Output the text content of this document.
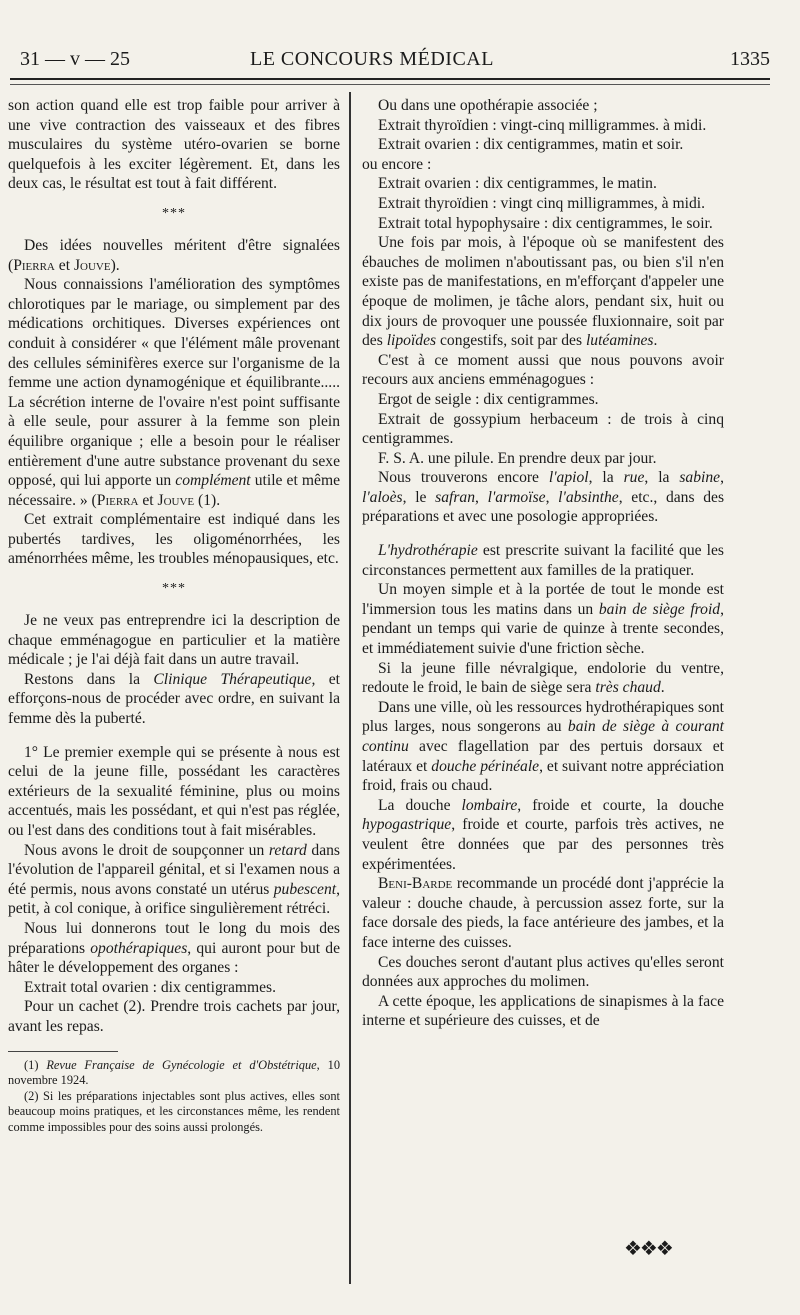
31 — v — 25	LE CONCOURS MÉDICAL	1335

son action quand elle est trop faible pour arriver à une vive contraction des vaisseaux et des fibres musculaires du système utéro-ovarien se borne quelquefois à les exciter légèrement. Et, dans les deux cas, le résultat est tout à fait différent.

***

Des idées nouvelles méritent d'être signalées (Pierra et Jouve).

Nous connaissions l'amélioration des symptômes chlorotiques par le mariage, ou simplement par des médications orchitiques. Diverses expériences ont conduit à considérer « que l'élément mâle provenant des cellules séminifères exerce sur l'organisme de la femme une action dynamogénique et équilibrante..... La sécrétion interne de l'ovaire n'est point suffisante à elle seule, pour assurer à la femme son plein équilibre organique ; elle a besoin pour le réaliser entièrement d'une autre substance provenant du sexe opposé, qui lui apporte un complément utile et même nécessaire. » (Pierra et Jouve (1).

Cet extrait complémentaire est indiqué dans les pubertés tardives, les oligoménorrhées, les aménorrhées même, les troubles ménopausiques, etc.

***

Je ne veux pas entreprendre ici la description de chaque emménagogue en particulier et la matière médicale ; je l'ai déjà fait dans un autre travail.

Restons dans la Clinique Thérapeutique, et efforçons-nous de procéder avec ordre, en suivant la femme dès la puberté.

1° Le premier exemple qui se présente à nous est celui de la jeune fille, possédant les caractères extérieurs de la sexualité féminine, plus ou moins accentués, mais les possédant, et qui n'est pas réglée, ou l'est dans des conditions tout à fait misérables.

Nous avons le droit de soupçonner un retard dans l'évolution de l'appareil génital, et si l'examen nous a été permis, nous avons constaté un utérus pubescent, petit, à col conique, à orifice singulièrement rétréci.

Nous lui donnerons tout le long du mois des préparations opothérapiques, qui auront pour but de hâter le développement des organes :

Extrait total ovarien : dix centigrammes.

Pour un cachet (2). Prendre trois cachets par jour, avant les repas.

(1) Revue Française de Gynécologie et d'Obstétrique, 10 novembre 1924.

(2) Si les préparations injectables sont plus actives, elles sont beaucoup moins pratiques, et les circonstances même, les rendent comme impossibles pour des soins aussi prolongés.

Ou dans une opothérapie associée ;

Extrait thyroïdien : vingt-cinq milligrammes. à midi.

Extrait ovarien : dix centigrammes, matin et soir.

ou encore :

Extrait ovarien : dix centigrammes, le matin.

Extrait thyroïdien : vingt cinq milligrammes, à midi.

Extrait total hypophysaire : dix centigrammes, le soir.

Une fois par mois, à l'époque où se manifestent des ébauches de molimen n'aboutissant pas, ou bien s'il n'en existe pas de manifestations, en m'efforçant d'appeler une époque de molimen, je tâche alors, pendant six, huit ou dix jours de provoquer une poussée fluxionnaire, soit par des lipoïdes congestifs, soit par des lutéamines.

C'est à ce moment aussi que nous pouvons avoir recours aux anciens emménagogues :

Ergot de seigle : dix centigrammes.

Extrait de gossypium herbaceum : de trois à cinq centigrammes.

F. S. A. une pilule. En prendre deux par jour.

Nous trouverons encore l'apiol, la rue, la sabine, l'aloès, le safran, l'armoïse, l'absinthe, etc., dans des préparations et avec une posologie appropriées.

L'hydrothérapie est prescrite suivant la facilité que les circonstances permettent aux familles de la pratiquer.

Un moyen simple et à la portée de tout le monde est l'immersion tous les matins dans un bain de siège froid, pendant un temps qui varie de quinze à trente secondes, et immédiatement suivie d'une friction sèche.

Si la jeune fille névralgique, endolorie du ventre, redoute le froid, le bain de siège sera très chaud.

Dans une ville, où les ressources hydrothérapiques sont plus larges, nous songerons au bain de siège à courant continu avec flagellation par des pertuis dorsaux et latéraux et douche périnéale, et suivant notre appréciation froid, frais ou chaud.

La douche lombaire, froide et courte, la douche hypogastrique, froide et courte, parfois très actives, ne veulent être données que par des personnes très expérimentées.

Beni-Barde recommande un procédé dont j'apprécie la valeur : douche chaude, à percussion assez forte, sur la face dorsale des pieds, la face antérieure des jambes, et la face interne des cuisses.

Ces douches seront d'autant plus actives qu'elles seront données aux approches du molimen.

A cette époque, les applications de sinapismes à la face interne et supérieure des cuisses, et de

❖❖❖
